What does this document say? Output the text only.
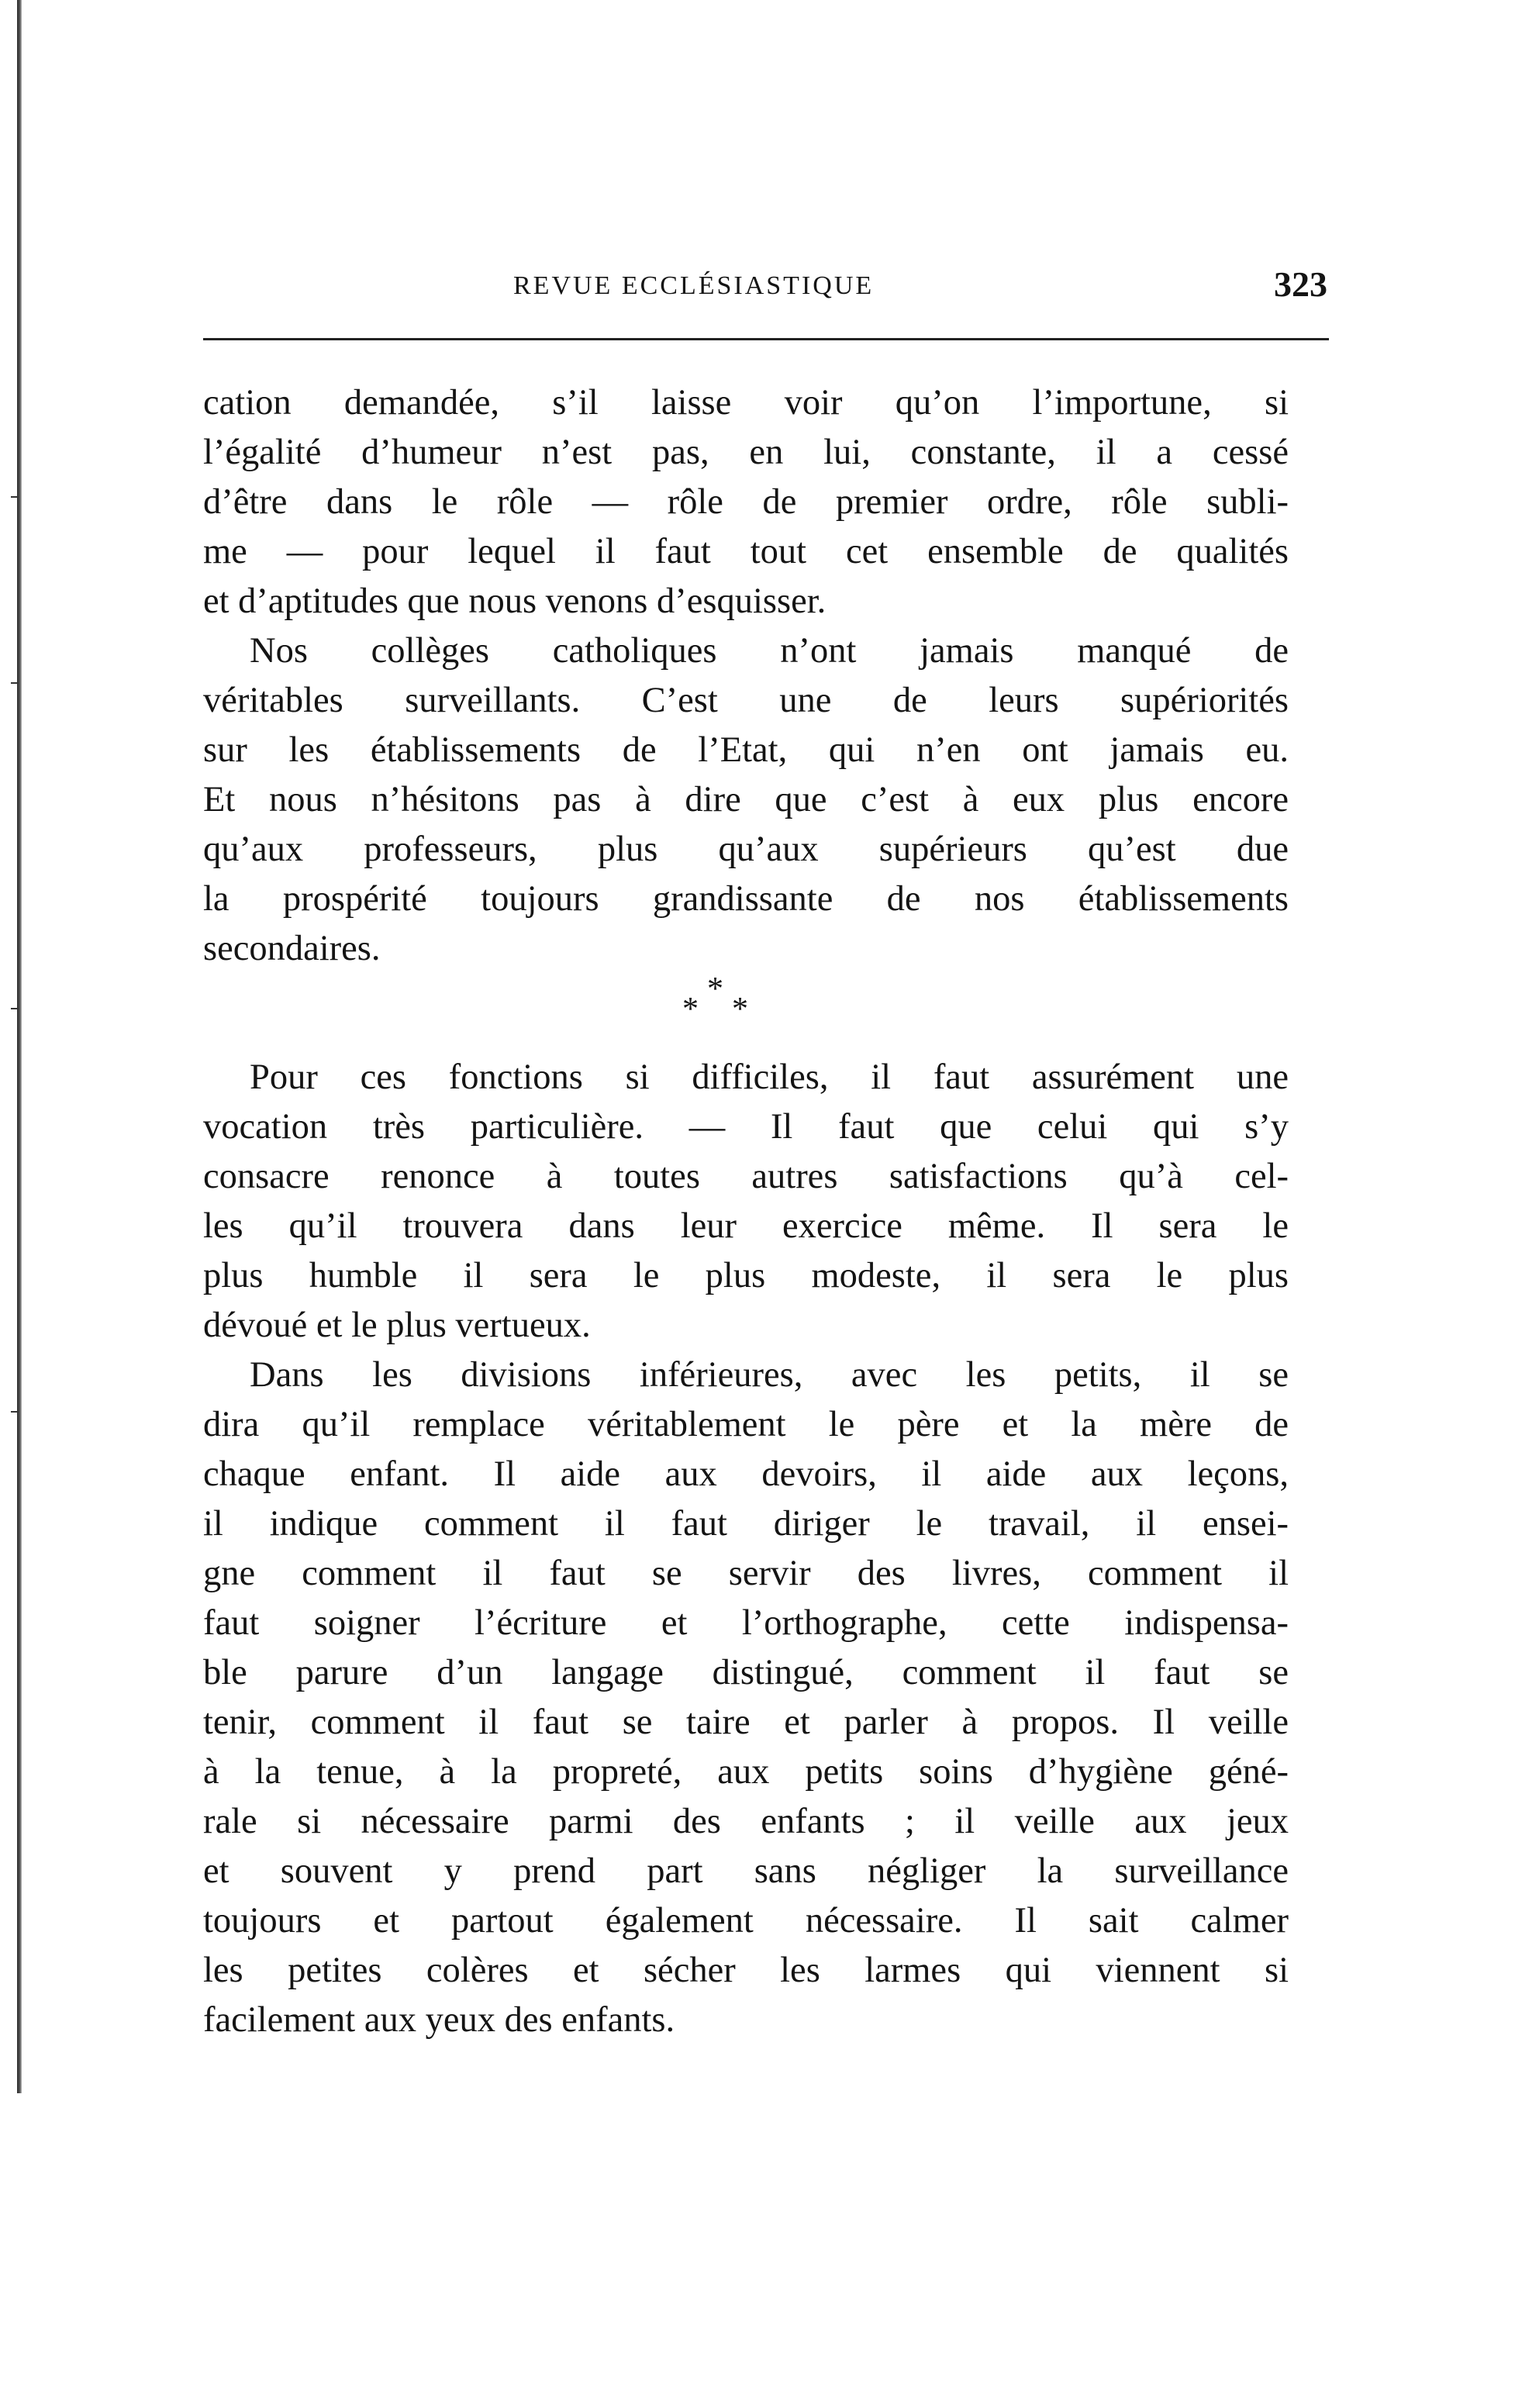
REVUE ECCLÉSIASTIQUE	323
cation demandée, s’il laisse voir qu’on l’importune, si
l’égalité d’humeur n’est pas, en lui, constante, il a cessé
d’être dans le rôle — rôle de premier ordre, rôle subli-
me — pour lequel il faut tout cet ensemble de qualités
et d’aptitudes que nous venons d’esquisser.
Nos collèges catholiques n’ont jamais manqué de
véritables surveillants. C’est une de leurs supériorités
sur les établissements de l’Etat, qui n’en ont jamais eu.
Et nous n’hésitons pas à dire que c’est à eux plus encore
qu’aux professeurs, plus qu’aux supérieurs qu’est due
la prospérité toujours grandissante de nos établissements
secondaires.
*
* *
Pour ces fonctions si difficiles, il faut assurément une
vocation très particulière. — Il faut que celui qui s’y
consacre renonce à toutes autres satisfactions qu’à cel-
les qu’il trouvera dans leur exercice même. Il sera le
plus humble il sera le plus modeste, il sera le plus
dévoué et le plus vertueux.
Dans les divisions inférieures, avec les petits, il se
dira qu’il remplace véritablement le père et la mère de
chaque enfant. Il aide aux devoirs, il aide aux leçons,
il indique comment il faut diriger le travail, il ensei-
gne comment il faut se servir des livres, comment il
faut soigner l’écriture et l’orthographe, cette indispensa-
ble parure d’un langage distingué, comment il faut se
tenir, comment il faut se taire et parler à propos. Il veille
à la tenue, à la propreté, aux petits soins d’hygiène géné-
rale si nécessaire parmi des enfants ; il veille aux jeux
et souvent y prend part sans négliger la surveillance
toujours et partout également nécessaire. Il sait calmer
les petites colères et sécher les larmes qui viennent si
facilement aux yeux des enfants.
